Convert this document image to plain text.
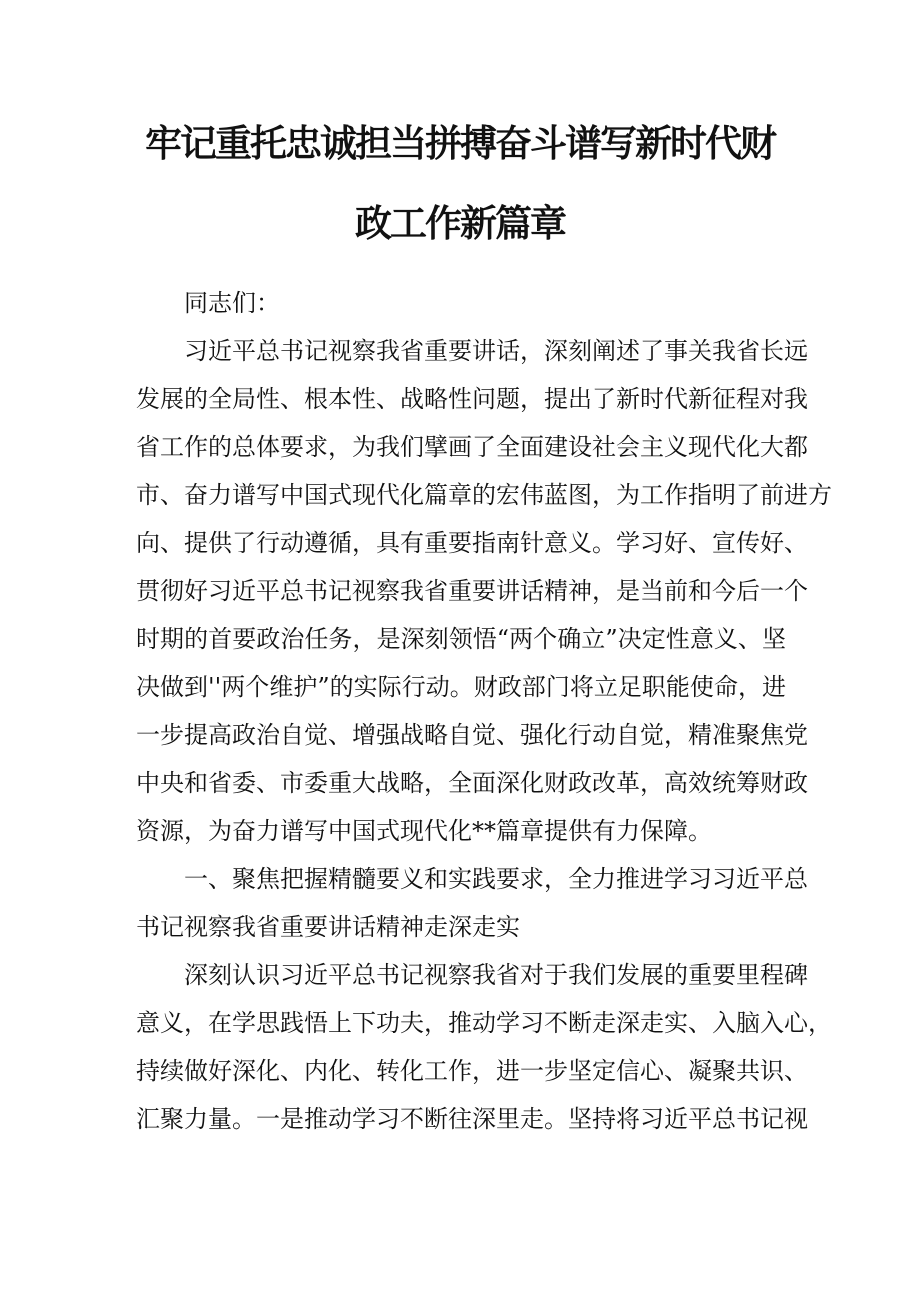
牢记重托忠诚担当拼搏奋斗谱写新时代财
政工作新篇章
同志们：
习近平总书记视察我省重要讲话，深刻阐述了事关我省长远
发展的全局性、根本性、战略性问题，提出了新时代新征程对我
省工作的总体要求，为我们擘画了全面建设社会主义现代化大都
市、奋力谱写中国式现代化篇章的宏伟蓝图，为工作指明了前进方
向、提供了行动遵循，具有重要指南针意义。学习好、宣传好、
贯彻好习近平总书记视察我省重要讲话精神，是当前和今后一个
时期的首要政治任务，是深刻领悟“两个确立”决定性意义、坚
决做到''两个维护”的实际行动。财政部门将立足职能使命，进
一步提高政治自觉、增强战略自觉、强化行动自觉，精准聚焦党
中央和省委、市委重大战略，全面深化财政改革，高效统筹财政
资源，为奋力谱写中国式现代化**篇章提供有力保障。
一、聚焦把握精髓要义和实践要求，全力推进学习习近平总
书记视察我省重要讲话精神走深走实
深刻认识习近平总书记视察我省对于我们发展的重要里程碑
意义，在学思践悟上下功夫，推动学习不断走深走实、入脑入心，
持续做好深化、内化、转化工作，进一步坚定信心、凝聚共识、
汇聚力量。一是推动学习不断往深里走。坚持将习近平总书记视
